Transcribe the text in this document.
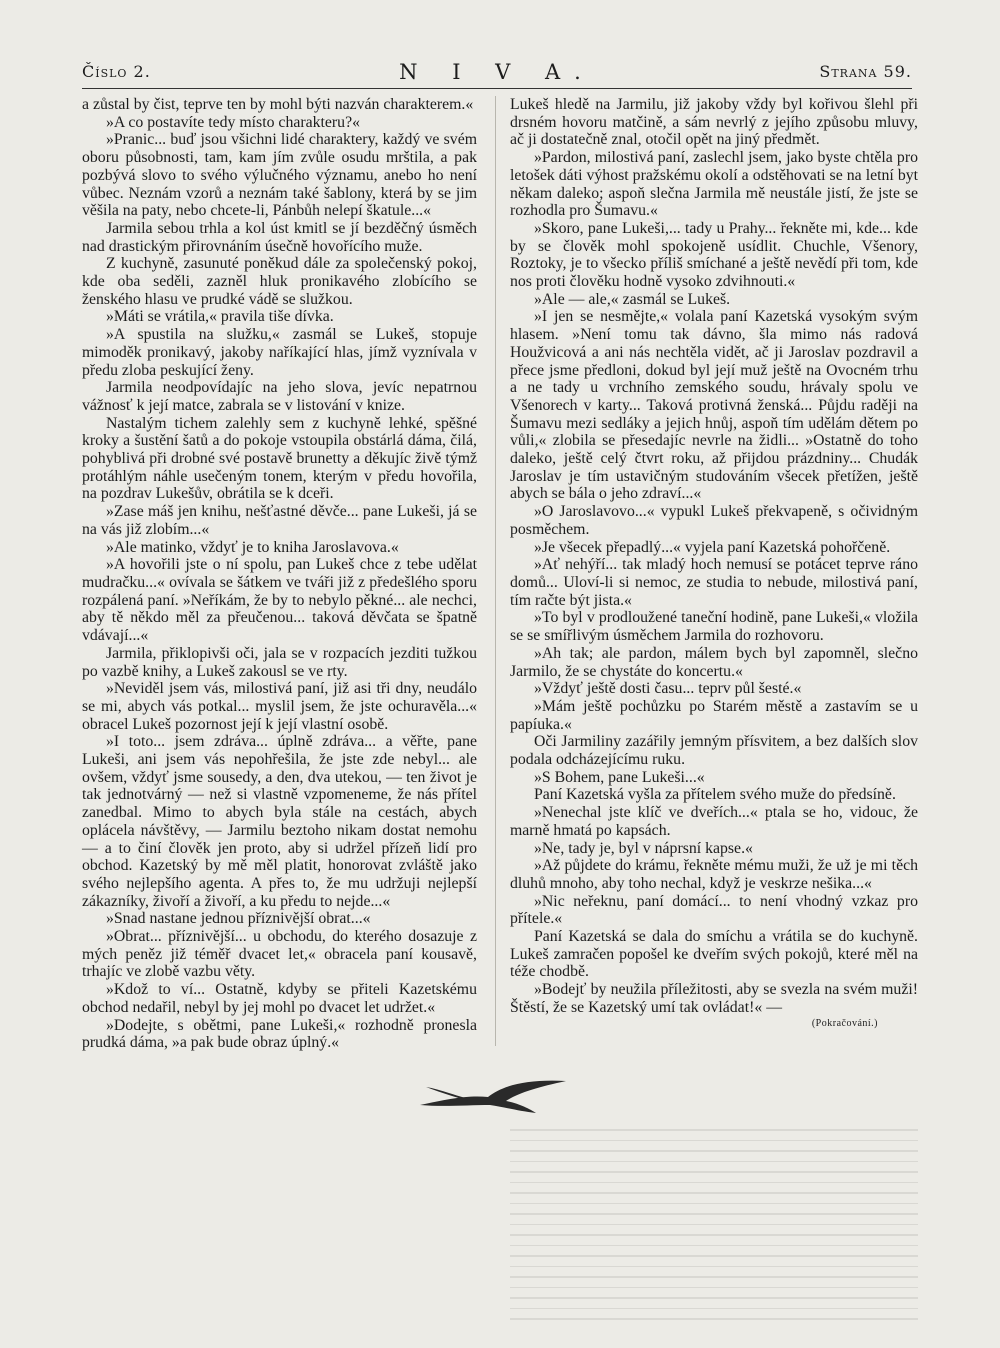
Číslo 2.	N I V A.	Strana 59.

a zůstal by čist, teprve ten by mohl býti nazván charakterem.«

»A co postavíte tedy místo charakteru?«

»Pranic... buď jsou všichni lidé charaktery, každý ve svém oboru působnosti, tam, kam jím zvůle osudu mrštila, a pak pozbývá slovo to svého výlučného významu, anebo ho není vůbec. Neznám vzorů a neznám také šablony, která by se jim věšila na paty, nebo chcete-li, Pánbůh nelepí škatule...«

Jarmila sebou trhla a kol úst kmitl se jí bezděčný úsměch nad drastickým přirovnáním úsečně hovořícího muže.

Z kuchyně, zasunuté poněkud dále za společenský pokoj, kde oba seděli, zazněl hluk pronikavého zlobícího se ženského hlasu ve prudké vádě se služkou.

»Máti se vrátila,« pravila tiše dívka.

»A spustila na služku,« zasmál se Lukeš, stopuje mimoděk pronikavý, jakoby naříkající hlas, jímž vyznívala v předu zloba peskující ženy.

Jarmila neodpovídajíc na jeho slova, jevíc nepatrnou vážnosť k její matce, zabrala se v listování v knize.

Nastalým tichem zalehly sem z kuchyně lehké, spěšné kroky a šustění šatů a do pokoje vstoupila obstárlá dáma, čilá, pohyblivá při drobné své postavě brunetty a děkujíc živě týmž protáhlým náhle usečeným tonem, kterým v předu hovořila, na pozdrav Lukešův, obrátila se k dceři.

»Zase máš jen knihu, nešťastné děvče... pane Lukeši, já se na vás již zlobím...«

»Ale matinko, vždyť je to kniha Jaroslavova.«

»A hovořili jste o ní spolu, pan Lukeš chce z tebe udělat mudračku...« ovívala se šátkem ve tváři již z předešlého sporu rozpálená paní. »Neříkám, že by to nebylo pěkné... ale nechci, aby tě někdo měl za přeučenou... taková děvčata se špatně vdávají...«

Jarmila, přiklopivši oči, jala se v rozpacích jezditi tužkou po vazbě knihy, a Lukeš zakousl se ve rty.

»Neviděl jsem vás, milostivá paní, již asi tři dny, neudálo se mi, abych vás potkal... myslil jsem, že jste ochuravěla...« obracel Lukeš pozornost její k její vlastní osobě.

»I toto... jsem zdráva... úplně zdráva... a věřte, pane Lukeši, ani jsem vás nepohřešila, že jste zde nebyl... ale ovšem, vždyť jsme sousedy, a den, dva utekou, — ten život je tak jednotvárný — než si vlastně vzpomeneme, že nás přítel zanedbal. Mimo to abych byla stále na cestách, abych oplácela návštěvy, — Jarmilu beztoho nikam dostat nemohu — a to činí člověk jen proto, aby si udržel přízeň lidí pro obchod. Kazetský by mě měl platit, honorovat zvláště jako svého nejlepšího agenta. A přes to, že mu udržuji nejlepší zákazníky, živoří a živoří, a ku předu to nejde...«

»Snad nastane jednou příznivější obrat...«

»Obrat... příznivější... u obchodu, do kterého dosazuje z mých peněz již téměř dvacet let,« obracela paní kousavě, trhajíc ve zlobě vazbu věty.

»Kdož to ví... Ostatně, kdyby se přiteli Kazetskému obchod nedařil, nebyl by jej mohl po dvacet let udržet.«

»Dodejte, s obětmi, pane Lukeši,« rozhodně pronesla prudká dáma, »a pak bude obraz úplný.«

Lukeš hledě na Jarmilu, již jakoby vždy byl kořivou šlehl při drsném hovoru matčině, a sám nevrlý z jejího způsobu mluvy, ač ji dostatečně znal, otočil opět na jiný předmět.

»Pardon, milostivá paní, zaslechl jsem, jako byste chtěla pro letošek dáti výhost pražskému okolí a odstěhovati se na letní byt někam daleko; aspoň slečna Jarmila mě neustále jistí, že jste se rozhodla pro Šumavu.«

»Skoro, pane Lukeši,... tady u Prahy... řekněte mi, kde... kde by se člověk mohl spokojeně usídlit. Chuchle, Všenory, Roztoky, je to všecko příliš smíchané a ještě nevědí při tom, kde nos proti člověku hodně vysoko zdvihnouti.«

»Ale — ale,« zasmál se Lukeš.

»I jen se nesmějte,« volala paní Kazetská vysokým svým hlasem. »Není tomu tak dávno, šla mimo nás radová Houžvicová a ani nás nechtěla vidět, ač ji Jaroslav pozdravil a přece jsme předloni, dokud byl její muž ještě na Ovocném trhu a ne tady u vrchního zemského soudu, hrávaly spolu ve Všenorech v karty... Taková protivná ženská... Půjdu raději na Šumavu mezi sedláky a jejich hnůj, aspoň tím udělám dětem po vůli,« zlobila se přesedajíc nevrle na židli... »Ostatně do toho daleko, ještě celý čtvrt roku, až přijdou prázdniny... Chudák Jaroslav je tím ustavičným studováním všecek přetížen, ještě abych se bála o jeho zdraví...«

»O Jaroslavovo...« vypukl Lukeš překvapeně, s očividným posměchem.

»Je všecek přepadlý...« vyjela paní Kazetská pohořčeně.

»Ať nehýří... tak mladý hoch nemusí se potácet teprve ráno domů... Uloví-li si nemoc, ze studia to nebude, milostivá paní, tím račte být jista.«

»To byl v prodloužené taneční hodině, pane Lukeši,« vložila se se smířlivým úsměchem Jarmila do rozhovoru.

»Ah tak; ale pardon, málem bych byl zapomněl, slečno Jarmilo, že se chystáte do koncertu.«

»Vždyť ještě dosti času... teprv půl šesté.«

»Mám ještě pochůzku po Starém městě a zastavím se u papíuka.«

Oči Jarmiliny zazářily jemným přísvitem, a bez dalších slov podala odcházejícímu ruku.

»S Bohem, pane Lukeši...«

Paní Kazetská vyšla za přítelem svého muže do předsíně.

»Nenechal jste klíč ve dveřích...« ptala se ho, vidouc, že marně hmatá po kapsách.

»Ne, tady je, byl v náprsní kapse.«

»Až půjdete do krámu, řekněte mému muži, že už je mi těch dluhů mnoho, aby toho nechal, když je veskrze nešika...«

»Nic neřeknu, paní domácí... to není vhodný vzkaz pro přítele.«

Paní Kazetská se dala do smíchu a vrátila se do kuchyně. Lukeš zamračen popošel ke dveřím svých pokojů, které měl na téže chodbě.

»Bodejť by neužila příležitosti, aby se svezla na svém muži! Štěstí, že se Kazetský umí tak ovládat!« —

(Pokračování.)
